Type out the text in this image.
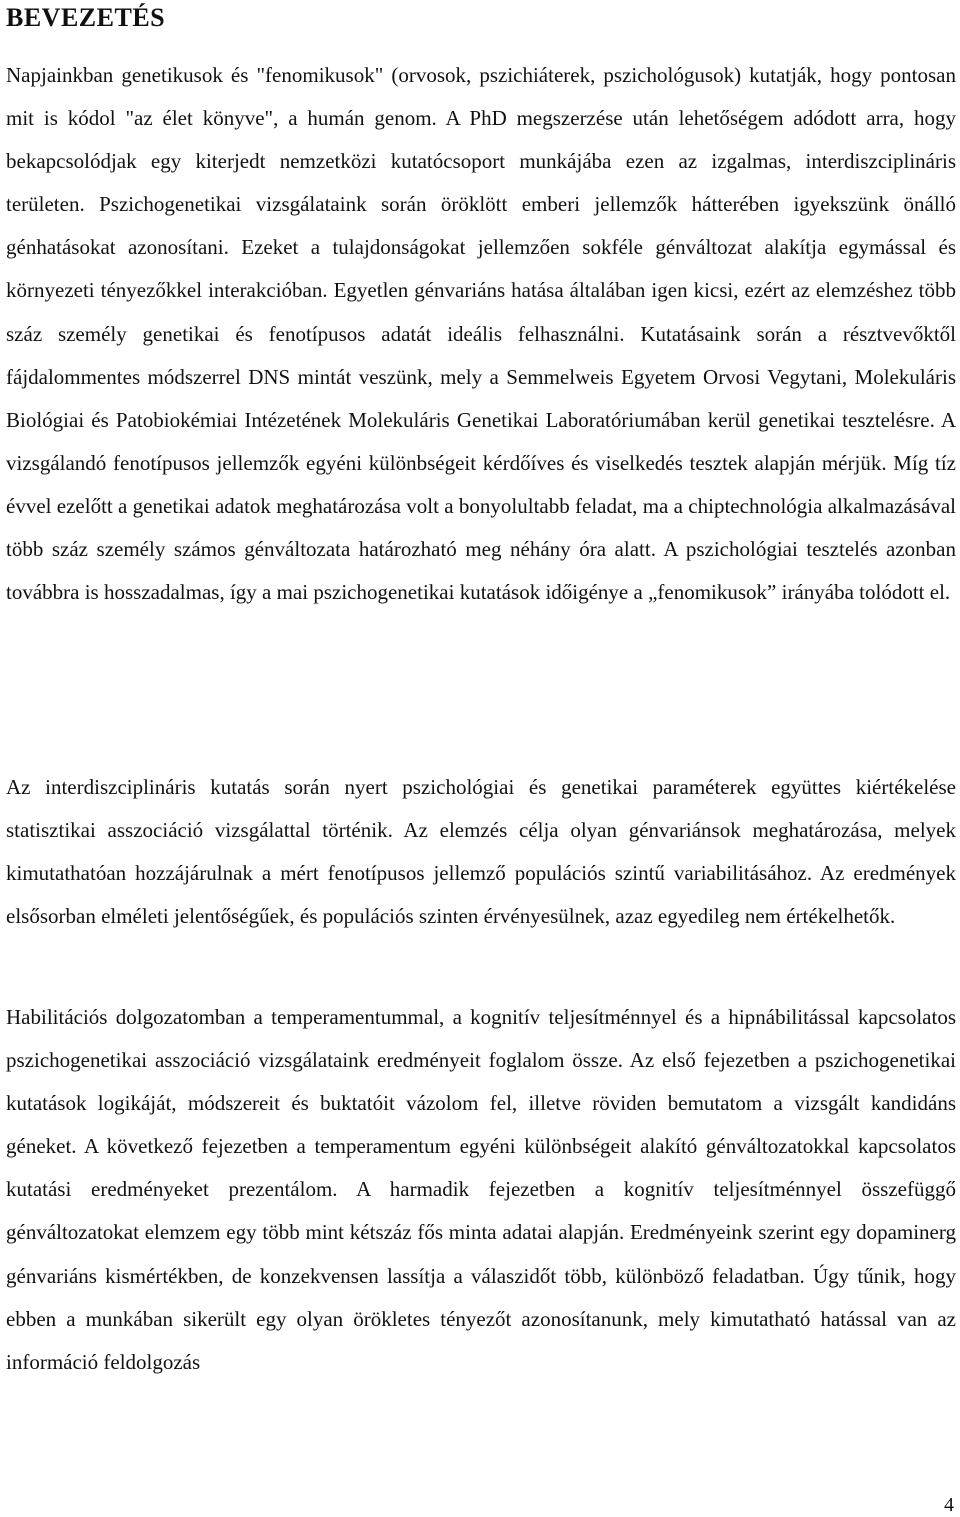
BEVEZETÉS

Napjainkban genetikusok és "fenomikusok" (orvosok, pszichiáterek, pszichológusok) kutatják, hogy pontosan mit is kódol "az élet könyve", a humán genom. A PhD megszerzése után lehetőségem adódott arra, hogy bekapcsolódjak egy kiterjedt nemzetközi kutatócsoport munkájába ezen az izgalmas, interdiszciplináris területen. Pszichogenetikai vizsgálataink során öröklött emberi jellemzők hátterében igyekszünk önálló génhatásokat azonosítani. Ezeket a tulajdonságokat jellemzően sokféle génváltozat alakítja egymással és környezeti tényezőkkel interakcióban. Egyetlen génvariáns hatása általában igen kicsi, ezért az elemzéshez több száz személy genetikai és fenotípusos adatát ideális felhasználni. Kutatásaink során a résztvevőktől fájdalommentes módszerrel DNS mintát veszünk, mely a Semmelweis Egyetem Orvosi Vegytani, Molekuláris Biológiai és Patobiokémiai Intézetének Molekuláris Genetikai Laboratóriumában kerül genetikai tesztelésre. A vizsgálandó fenotípusos jellemzők egyéni különbségeit kérdőíves és viselkedés tesztek alapján mérjük. Míg tíz évvel ezelőtt a genetikai adatok meghatározása volt a bonyolultabb feladat, ma a chiptechnológia alkalmazásával több száz személy számos génváltozata határozható meg néhány óra alatt. A pszichológiai tesztelés azonban továbbra is hosszadalmas, így a mai pszichogenetikai kutatások időigénye a „fenomikusok” irányába tolódott el.

Az interdiszciplináris kutatás során nyert pszichológiai és genetikai paraméterek együttes kiértékelése statisztikai asszociáció vizsgálattal történik. Az elemzés célja olyan génvariánsok meghatározása, melyek kimutathatóan hozzájárulnak a mért fenotípusos jellemző populációs szintű variabilitásához. Az eredmények elsősorban elméleti jelentőségűek, és populációs szinten érvényesülnek, azaz egyedileg nem értékelhetők.

Habilitációs dolgozatomban a temperamentummal, a kognitív teljesítménnyel és a hipnábilitással kapcsolatos pszichogenetikai asszociáció vizsgálataink eredményeit foglalom össze. Az első fejezetben a pszichogenetikai kutatások logikáját, módszereit és buktatóit vázolom fel, illetve röviden bemutatom a vizsgált kandidáns géneket. A következő fejezetben a temperamentum egyéni különbségeit alakító génváltozatokkal kapcsolatos kutatási eredményeket prezentálom. A harmadik fejezetben a kognitív teljesítménnyel összefüggő génváltozatokat elemzem egy több mint kétszáz fős minta adatai alapján. Eredményeink szerint egy dopaminerg génvariáns kismértékben, de konzekvensen lassítja a válaszidőt több, különböző feladatban. Úgy tűnik, hogy ebben a munkában sikerült egy olyan örökletes tényezőt azonosítanunk, mely kimutatható hatással van az információ feldolgozás

4
